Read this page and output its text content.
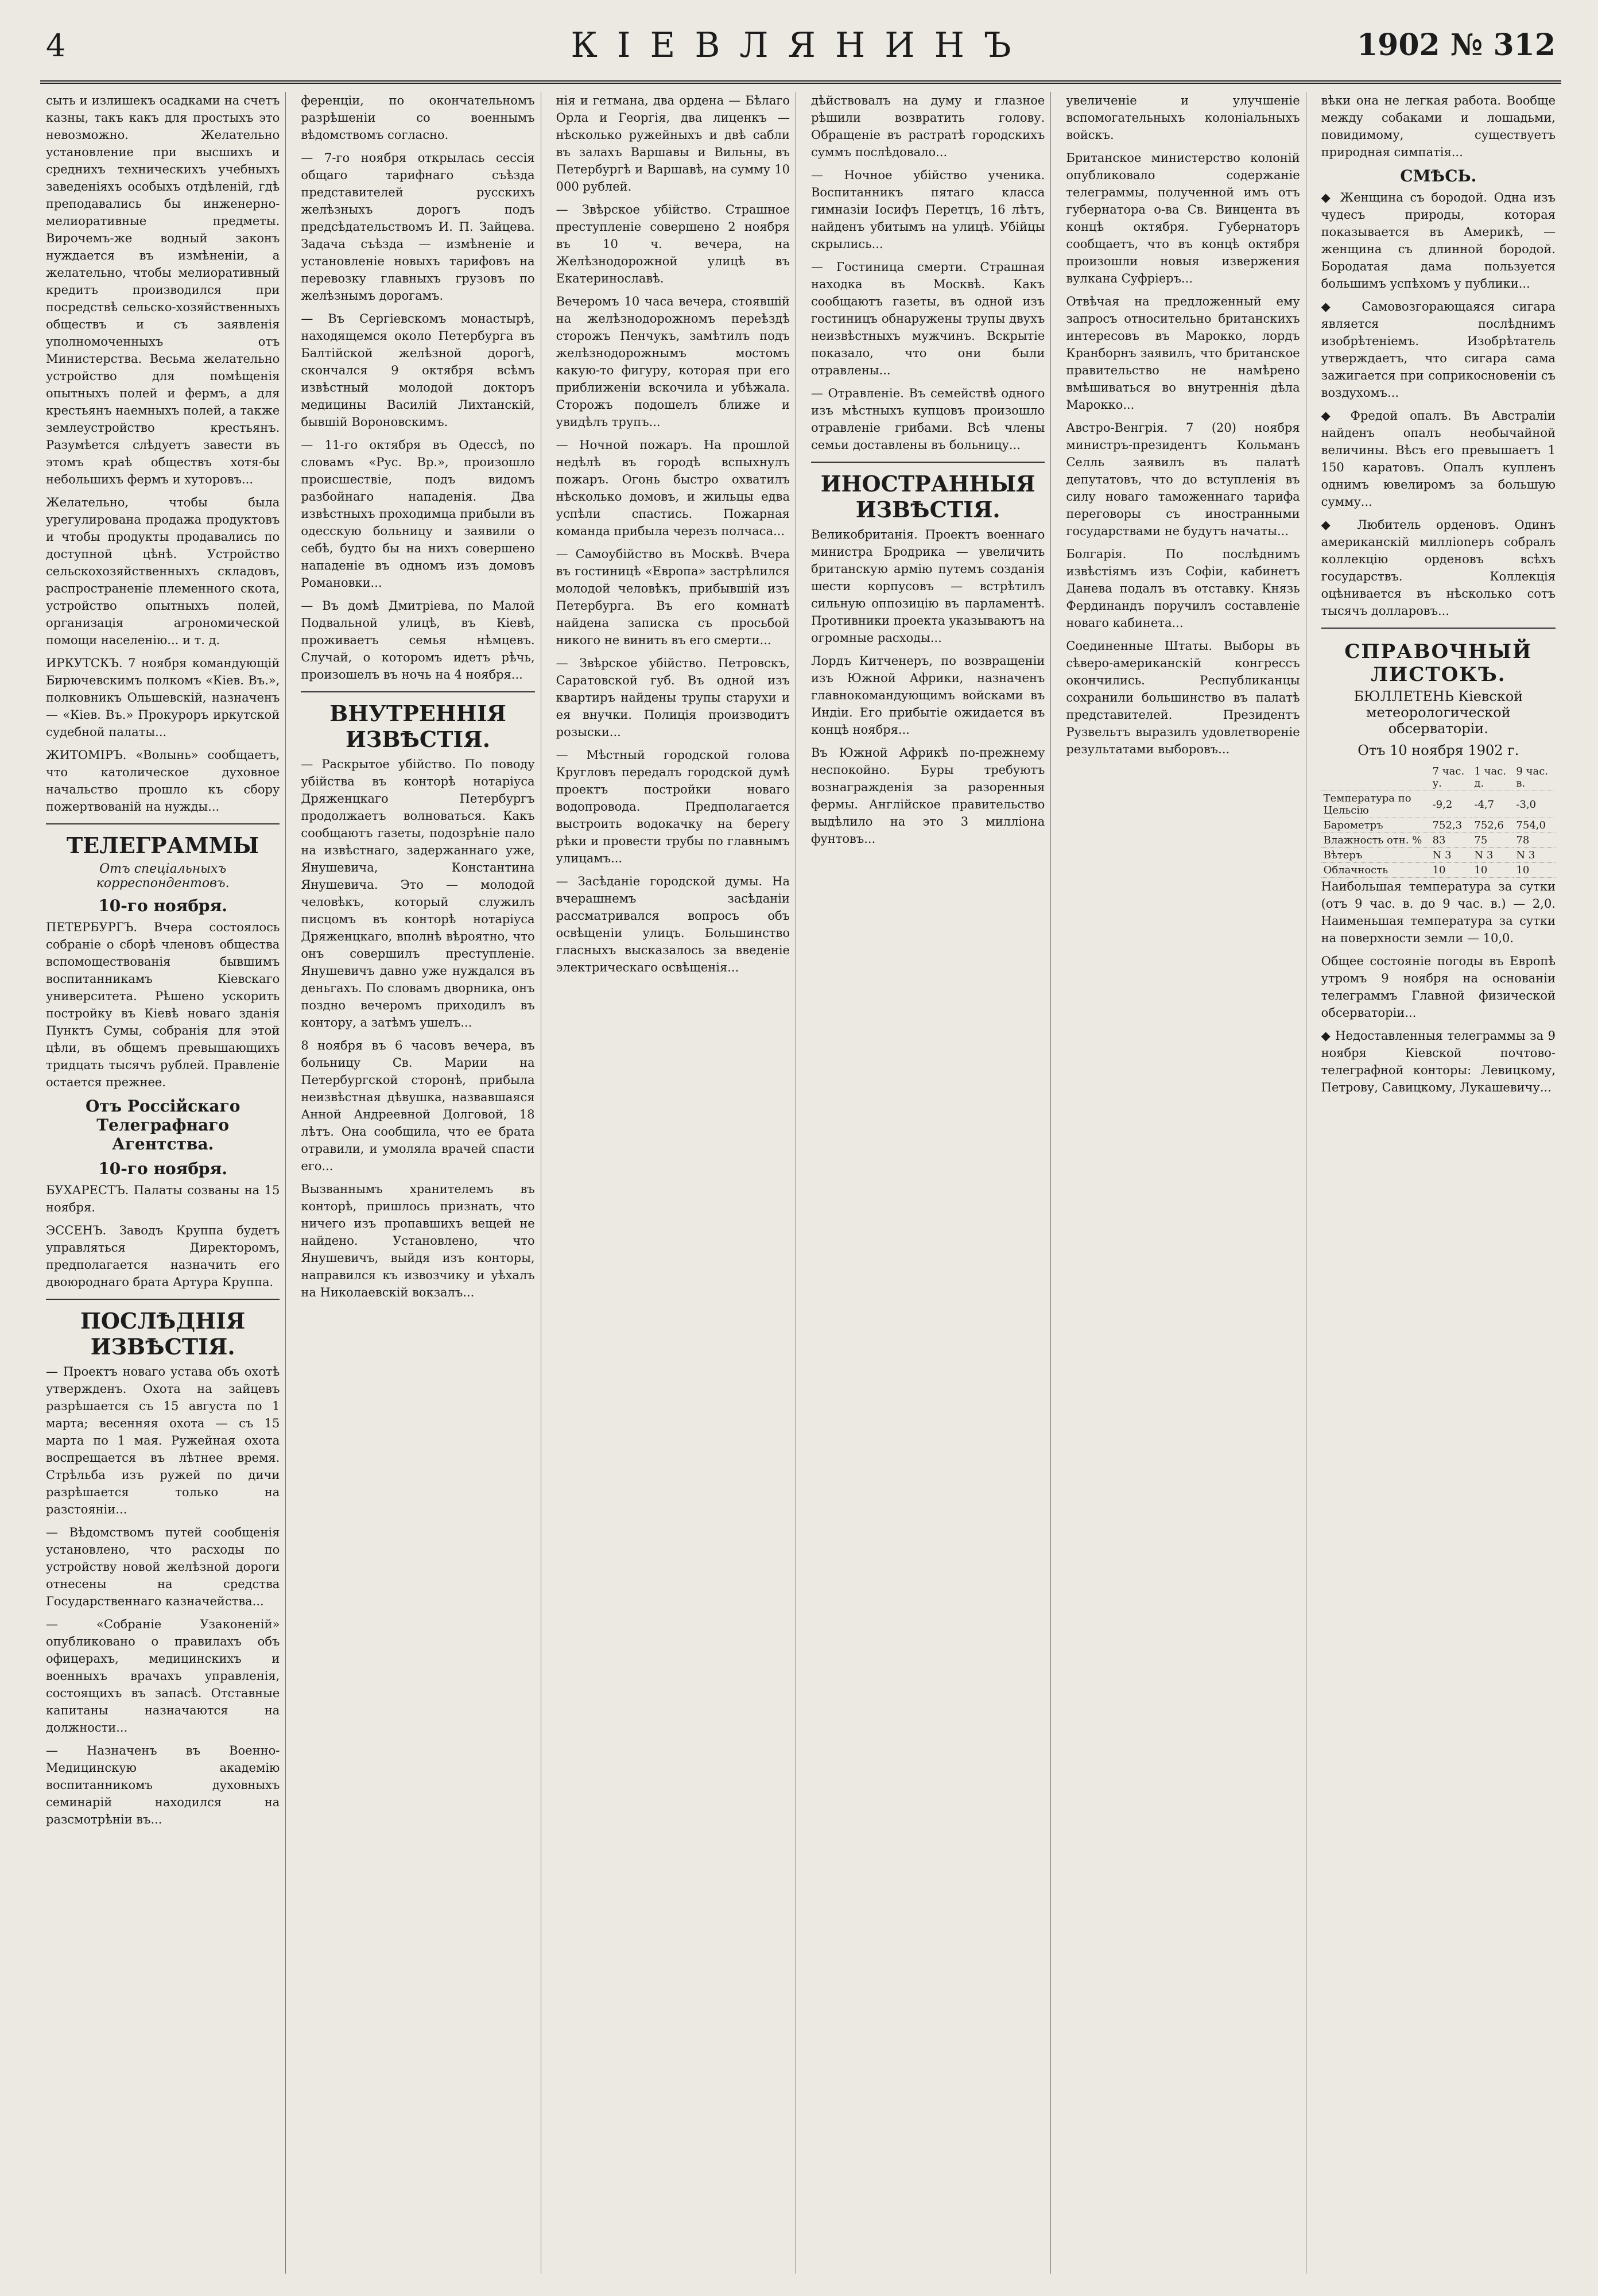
4	КІЕВЛЯНИНЪ	1902 № 312
сыть и излишекъ осадками на счетъ казны, такъ какъ для простыхъ это невозможно. Желательно установление при высшихъ и среднихъ техническихъ учебныхъ заведеніяхъ особыхъ отдѣленій, гдѣ преподавались бы инженерно-мелиоративные предметы. Вирочемъ-же водный законъ нуждается въ измѣненіи, а желательно, чтобы мелиоративный кредитъ производился при посредствѣ сельско-хозяйственныхъ обществъ и съ заявленія уполномоченныхъ отъ Министерства. Весьма желательно устройство для помѣщенія опытныхъ полей и фермъ, а для крестьянъ наемныхъ полей, а также землеустройство крестьянъ. Разумѣется слѣдуетъ завести въ этомъ краѣ обществъ хотя-бы небольшихъ фермъ и хуторовъ...
Желательно, чтобы была урегулирована продажа продуктовъ и чтобы продукты продавались по доступной цѣнѣ. Устройство сельскохозяйственныхъ складовъ, распространеніе племенного скота, устройство опытныхъ полей, организація агрономической помощи населенію... и т. д.
ИРКУТСКЪ. 7 ноября командующій Бирючевскимъ полкомъ «Кіев. Въ.», полковникъ Ольшевскій, назначенъ — «Кіев. Въ.» Прокуроръ иркутской судебной палаты...
ЖИТОМІРЪ. «Волынь» сообщаетъ, что католическое духовное начальство прошло къ сбору пожертвованій на нужды...
ТЕЛЕГРАММЫ
Отъ спеціальныхъ корреспондентовъ.
10-го ноября.
ПЕТЕРБУРГЪ. Вчера состоялось собраніе о сборѣ членовъ общества вспомоществованія бывшимъ воспитанникамъ Кіевскаго университета. Рѣшено ускорить постройку въ Кіевѣ новаго зданія Пунктъ Сумы, собранія для этой цѣли, въ общемъ превышающихъ тридцать тысячъ рублей. Правленіе остается прежнее.
Отъ Россійскаго Телеграфнаго Агентства.
10-го ноября.
БУХАРЕСТЪ. Палаты созваны на 15 ноября.
ЭССЕНЪ. Заводъ Круппа будетъ управляться Директоромъ, предполагается назначить его двоюроднаго брата Артура Круппа.
ПОСЛѢДНІЯ ИЗВѢСТІЯ.
— Проектъ новаго устава объ охотѣ утвержденъ. Охота на зайцевъ разрѣшается съ 15 августа по 1 марта; весенняя охота — съ 15 марта по 1 мая. Ружейная охота воспрещается въ лѣтнее время. Стрѣльба изъ ружей по дичи разрѣшается только на разстояніи...
— Вѣдомствомъ путей сообщенія установлено, что расходы по устройству новой желѣзной дороги отнесены на средства Государственнаго казначейства...
— «Собраніе Узаконеній» опубликовано о правилахъ объ офицерахъ, медицинскихъ и военныхъ врачахъ управленія, состоящихъ въ запасѣ. Отставные капитаны назначаются на должности...
— Назначенъ въ Военно-Медицинскую академію воспитанникомъ духовныхъ семинарій находился на разсмотрѣніи въ...
ференціи, по окончательномъ разрѣшеніи со военнымъ вѣдомствомъ согласно.
— 7-го ноября открылась сессія общаго тарифнаго съѣзда представителей русскихъ желѣзныхъ дорогъ подъ предсѣдательствомъ И. П. Зайцева. Задача съѣзда — измѣненіе и установленіе новыхъ тарифовъ на перевозку главныхъ грузовъ по желѣзнымъ дорогамъ.
— Въ Сергіевскомъ монастырѣ, находящемся около Петербурга въ Балтійской желѣзной дорогѣ, скончался 9 октября всѣмъ извѣстный молодой докторъ медицины Василій Лихтанскій, бывшій Вороновскимъ.
— 11-го октября въ Одессѣ, по словамъ «Рус. Вр.», произошло происшествіе, подъ видомъ разбойнаго нападенія. Два извѣстныхъ проходимца прибыли въ одесскую больницу и заявили о себѣ, будто бы на нихъ совершено нападеніе въ одномъ изъ домовъ Романовки...
— Въ домѣ Дмитріева, по Малой Подвальной улицѣ, въ Кіевѣ, проживаетъ семья нѣмцевъ. Случай, о которомъ идетъ рѣчь, произошелъ въ ночь на 4 ноября...
ВНУТРЕННІЯ ИЗВѢСТІЯ.
— Раскрытое убійство. По поводу убійства въ конторѣ нотаріуса Дряженцкаго Петербургъ продолжаетъ волноваться. Какъ сообщаютъ газеты, подозрѣніе пало на извѣстнаго, задержаннаго уже, Янушевича, Константина Янушевича. Это — молодой человѣкъ, который служилъ писцомъ въ конторѣ нотаріуса Дряженцкаго, вполнѣ вѣроятно, что онъ совершилъ преступленіе. Янушевичъ давно уже нуждался въ деньгахъ. По словамъ дворника, онъ поздно вечеромъ приходилъ въ контору, а затѣмъ ушелъ...
8 ноября въ 6 часовъ вечера, въ больницу Св. Марии на Петербургской сторонѣ, прибыла неизвѣстная дѣвушка, назвавшаяся Анной Андреевной Долговой, 18 лѣтъ. Она сообщила, что ее брата отравили, и умоляла врачей спасти его...
Вызваннымъ хранителемъ въ конторѣ, пришлось признать, что ничего изъ пропавшихъ вещей не найдено. Установлено, что Янушевичъ, выйдя изъ конторы, направился къ извозчику и уѣхалъ на Николаевскій вокзалъ...
нія и гетмана, два ордена — Бѣлаго Орла и Георгія, два лиценкъ — нѣсколько ружейныхъ и двѣ сабли въ залахъ Варшавы и Вильны, въ Петербургѣ и Варшавѣ, на сумму 10 000 рублей.
— Звѣрское убійство. Страшное преступленіе совершено 2 ноября въ 10 ч. вечера, на Желѣзнодорожной улицѣ въ Екатеринославѣ.
Вечеромъ 10 часа вечера, стоявшій на желѣзнодорожномъ переѣздѣ сторожъ Пенчукъ, замѣтилъ подъ желѣзнодорожнымъ мостомъ какую-то фигуру, которая при его приближеніи вскочила и убѣжала. Сторожъ подошелъ ближе и увидѣлъ трупъ...
— Ночной пожаръ. На прошлой недѣлѣ въ городѣ вспыхнулъ пожаръ. Огонь быстро охватилъ нѣсколько домовъ, и жильцы едва успѣли спастись. Пожарная команда прибыла черезъ полчаса...
— Самоубійство въ Москвѣ. Вчера въ гостиницѣ «Европа» застрѣлился молодой человѣкъ, прибывшій изъ Петербурга. Въ его комнатѣ найдена записка съ просьбой никого не винить въ его смерти...
— Звѣрское убійство. Петровскъ, Саратовской губ. Въ одной изъ квартиръ найдены трупы старухи и ея внучки. Полиція производитъ розыски...
— Мѣстный городской голова Кругловъ передалъ городской думѣ проектъ постройки новаго водопровода. Предполагается выстроить водокачку на берегу рѣки и провести трубы по главнымъ улицамъ...
— Засѣданіе городской думы. На вчерашнемъ засѣданіи рассматривался вопросъ объ освѣщеніи улицъ. Большинство гласныхъ высказалось за введеніе электрическаго освѣщенія...
дѣйствовалъ на думу и глазное рѣшили возвратить голову. Обращеніе въ растратѣ городскихъ суммъ послѣдовало...
— Ночное убійство ученика. Воспитанникъ пятаго класса гимназіи Іосифъ Перетцъ, 16 лѣтъ, найденъ убитымъ на улицѣ. Убійцы скрылись...
— Гостиница смерти. Страшная находка въ Москвѣ. Какъ сообщаютъ газеты, въ одной изъ гостиницъ обнаружены трупы двухъ неизвѣстныхъ мужчинъ. Вскрытіе показало, что они были отравлены...
— Отравленіе. Въ семействѣ одного изъ мѣстныхъ купцовъ произошло отравленіе грибами. Всѣ члены семьи доставлены въ больницу...
ИНОСТРАННЫЯ ИЗВѢСТІЯ.
Великобританія. Проектъ военнаго министра Бродрика — увеличить британскую армію путемъ созданія шести корпусовъ — встрѣтилъ сильную оппозицію въ парламентѣ. Противники проекта указываютъ на огромные расходы...
Лордъ Китченеръ, по возвращеніи изъ Южной Африки, назначенъ главнокомандующимъ войсками въ Индіи. Его прибытіе ожидается въ концѣ ноября...
Въ Южной Африкѣ по-прежнему неспокойно. Буры требуютъ вознагражденія за разоренныя фермы. Англійское правительство выдѣлило на это 3 милліона фунтовъ...
увеличеніе и улучшеніе вспомогательныхъ колоніальныхъ войскъ.
Британское министерство колоній опубликовало содержаніе телеграммы, полученной имъ отъ губернатора о-ва Св. Винцента въ концѣ октября. Губернаторъ сообщаетъ, что въ концѣ октября произошли новыя извержения вулкана Суфріеръ...
Отвѣчая на предложенный ему запросъ относительно британскихъ интересовъ въ Марокко, лордъ Кранборнъ заявилъ, что британское правительство не намѣрено вмѣшиваться во внутреннія дѣла Марокко...
Австро-Венгрія. 7 (20) ноября министръ-президентъ Кольманъ Селль заявилъ въ палатѣ депутатовъ, что до вступленія въ силу новаго таможеннаго тарифа переговоры съ иностранными государствами не будутъ начаты...
Болгарія. По послѣднимъ извѣстіямъ изъ Софіи, кабинетъ Данева подалъ въ отставку. Князь Фердинандъ поручилъ составленіе новаго кабинета...
Соединенные Штаты. Выборы въ сѣверо-американскій конгрессъ окончились. Республиканцы сохранили большинство въ палатѣ представителей. Президентъ Рузвельтъ выразилъ удовлетвореніе результатами выборовъ...
вѣки она не легкая работа. Вообще между собаками и лошадьми, повидимому, существуетъ природная симпатія...
СМѢСЬ.
◆ Женщина съ бородой. Одна изъ чудесъ природы, которая показывается въ Америкѣ, — женщина съ длинной бородой. Бородатая дама пользуется большимъ успѣхомъ у публики...
◆ Самовозгорающаяся сигара является послѣднимъ изобрѣтеніемъ. Изобрѣтатель утверждаетъ, что сигара сама зажигается при соприкосновеніи съ воздухомъ...
◆ Фредой опалъ. Въ Австраліи найденъ опалъ необычайной величины. Вѣсъ его превышаетъ 1 150 каратовъ. Опалъ купленъ однимъ ювелиромъ за большую сумму...
◆ Любитель орденовъ. Одинъ американскій миллionеръ собралъ коллекцію орденовъ всѣхъ государствъ. Коллекція оцѣнивается въ нѣсколько сотъ тысячъ долларовъ...
СПРАВОЧНЫЙ ЛИСТОКЪ.
БЮЛЛЕТЕНЬ Кіевской метеорологической обсерваторіи.
Отъ 10 ноября 1902 г.
	7 час. у.	1 час. д.	9 час. в.
Температура по Цельсію	-9,2	-4,7	-3,0
Барометръ	752,3	752,6	754,0
Влажность отн. %	83	75	78
Вѣтеръ	N 3	N 3	N 3
Облачность	10	10	10
Наибольшая температура за сутки (отъ 9 час. в. до 9 час. в.) — 2,0. Наименьшая температура за сутки на поверхности земли — 10,0.
Общее состояніе погоды въ Европѣ утромъ 9 ноября на основаніи телеграммъ Главной физической обсерваторіи...
◆ Недоставленныя телеграммы за 9 ноября Кіевской почтово-телеграфной конторы: Левицкому, Петрову, Савицкому, Лукашевичу...
